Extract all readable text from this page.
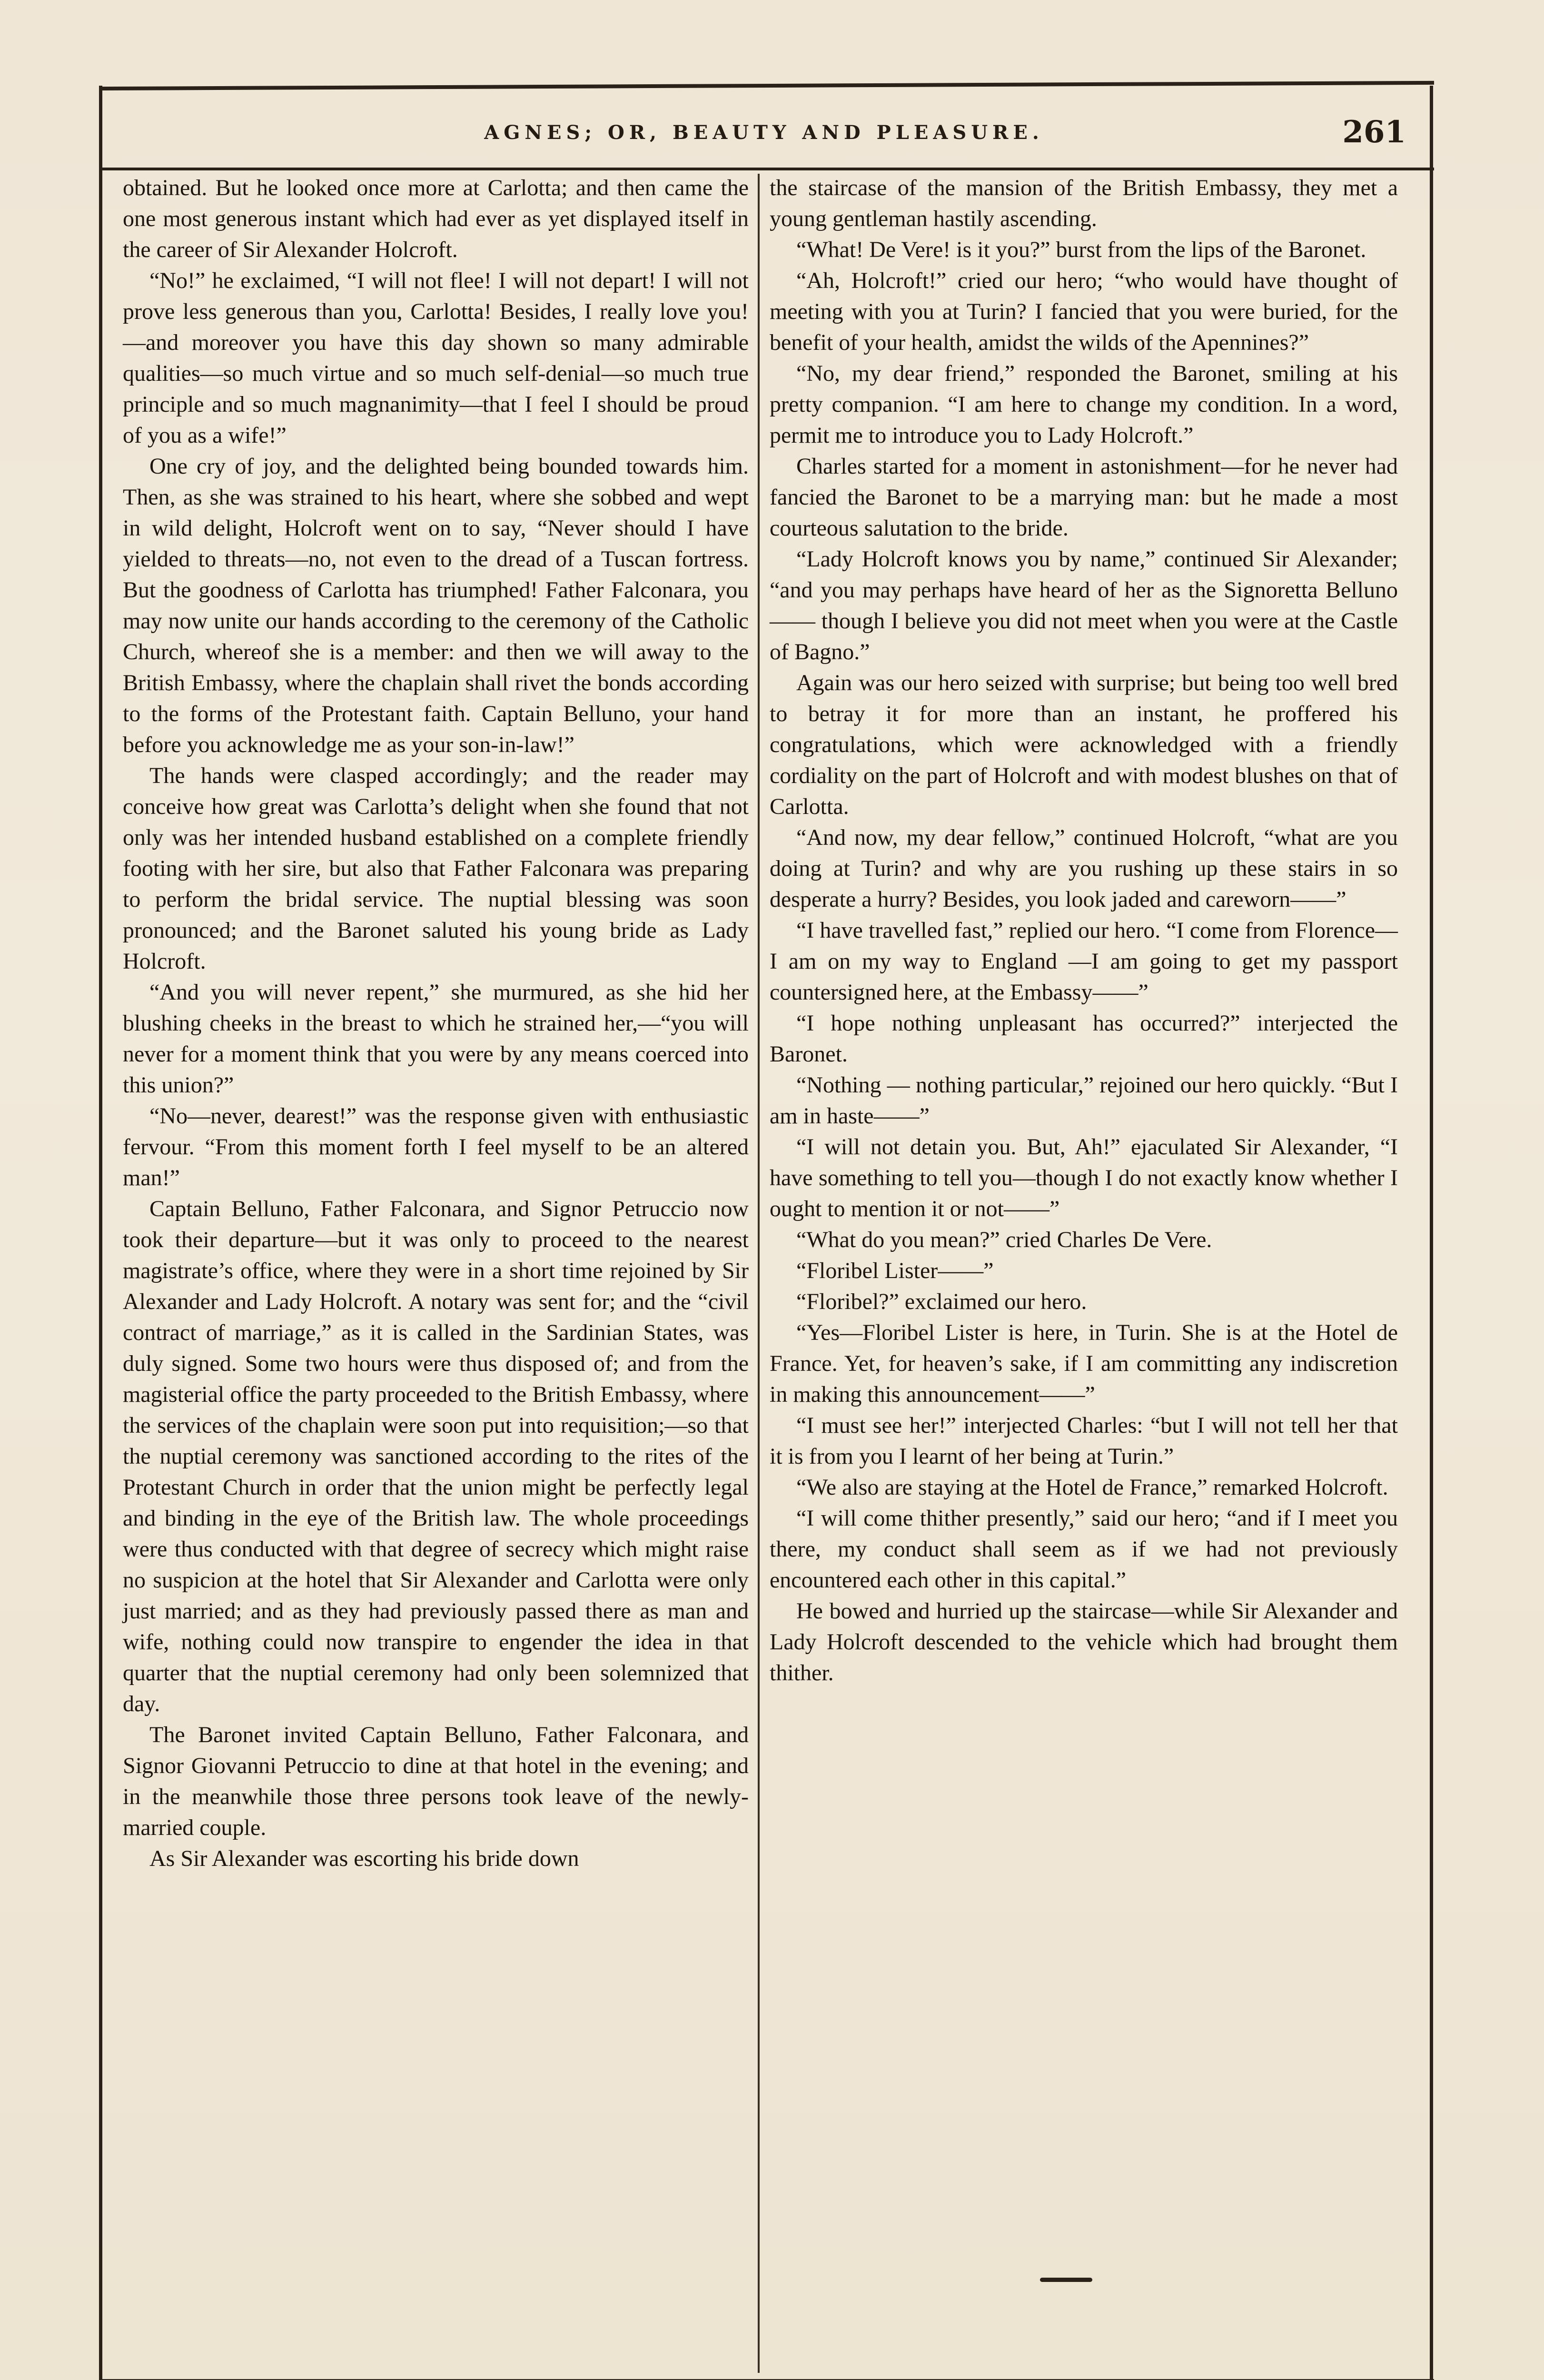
AGNES; OR, BEAUTY AND PLEASURE.	261

obtained. But he looked once more at Carlotta; and then came the one most generous instant which had ever as yet displayed itself in the career of Sir Alexander Holcroft.

“No!” he exclaimed, “I will not flee! I will not depart! I will not prove less generous than you, Carlotta! Besides, I really love you!—and moreover you have this day shown so many admirable qualities—so much virtue and so much self-denial—so much true principle and so much magnanimity—that I feel I should be proud of you as a wife!”

One cry of joy, and the delighted being bounded towards him. Then, as she was strained to his heart, where she sobbed and wept in wild delight, Holcroft went on to say, “Never should I have yielded to threats—no, not even to the dread of a Tuscan fortress. But the goodness of Carlotta has triumphed! Father Falconara, you may now unite our hands according to the ceremony of the Catholic Church, whereof she is a member: and then we will away to the British Embassy, where the chaplain shall rivet the bonds according to the forms of the Protestant faith. Captain Belluno, your hand before you acknowledge me as your son-in-law!”

The hands were clasped accordingly; and the reader may conceive how great was Carlotta’s delight when she found that not only was her intended husband established on a complete friendly footing with her sire, but also that Father Falconara was preparing to perform the bridal service. The nuptial blessing was soon pronounced; and the Baronet saluted his young bride as Lady Holcroft.

“And you will never repent,” she murmured, as she hid her blushing cheeks in the breast to which he strained her,—“you will never for a moment think that you were by any means coerced into this union?”

“No—never, dearest!” was the response given with enthusiastic fervour. “From this moment forth I feel myself to be an altered man!”

Captain Belluno, Father Falconara, and Signor Petruccio now took their departure—but it was only to proceed to the nearest magistrate’s office, where they were in a short time rejoined by Sir Alexander and Lady Holcroft. A notary was sent for; and the “civil contract of marriage,” as it is called in the Sardinian States, was duly signed. Some two hours were thus disposed of; and from the magisterial office the party proceeded to the British Embassy, where the services of the chaplain were soon put into requisition;—so that the nuptial ceremony was sanctioned according to the rites of the Protestant Church in order that the union might be perfectly legal and binding in the eye of the British law. The whole proceedings were thus conducted with that degree of secrecy which might raise no suspicion at the hotel that Sir Alexander and Carlotta were only just married; and as they had previously passed there as man and wife, nothing could now transpire to engender the idea in that quarter that the nuptial ceremony had only been solemnized that day.

The Baronet invited Captain Belluno, Father Falconara, and Signor Giovanni Petruccio to dine at that hotel in the evening; and in the meanwhile those three persons took leave of the newly-married couple.

As Sir Alexander was escorting his bride down

the staircase of the mansion of the British Embassy, they met a young gentleman hastily ascending.

“What! De Vere! is it you?” burst from the lips of the Baronet.

“Ah, Holcroft!” cried our hero; “who would have thought of meeting with you at Turin? I fancied that you were buried, for the benefit of your health, amidst the wilds of the Apennines?”

“No, my dear friend,” responded the Baronet, smiling at his pretty companion. “I am here to change my condition. In a word, permit me to introduce you to Lady Holcroft.”

Charles started for a moment in astonishment—for he never had fancied the Baronet to be a marrying man: but he made a most courteous salutation to the bride.

“Lady Holcroft knows you by name,” continued Sir Alexander; “and you may perhaps have heard of her as the Signoretta Belluno—— though I believe you did not meet when you were at the Castle of Bagno.”

Again was our hero seized with surprise; but being too well bred to betray it for more than an instant, he proffered his congratulations, which were acknowledged with a friendly cordiality on the part of Holcroft and with modest blushes on that of Carlotta.

“And now, my dear fellow,” continued Holcroft, “what are you doing at Turin? and why are you rushing up these stairs in so desperate a hurry? Besides, you look jaded and careworn——”

“I have travelled fast,” replied our hero. “I come from Florence—I am on my way to England —I am going to get my passport countersigned here, at the Embassy——”

“I hope nothing unpleasant has occurred?” interjected the Baronet.

“Nothing — nothing particular,” rejoined our hero quickly. “But I am in haste——”

“I will not detain you. But, Ah!” ejaculated Sir Alexander, “I have something to tell you—though I do not exactly know whether I ought to mention it or not——”

“What do you mean?” cried Charles De Vere.

“Floribel Lister——”

“Floribel?” exclaimed our hero.

“Yes—Floribel Lister is here, in Turin. She is at the Hotel de France. Yet, for heaven’s sake, if I am committing any indiscretion in making this announcement——”

“I must see her!” interjected Charles: “but I will not tell her that it is from you I learnt of her being at Turin.”

“We also are staying at the Hotel de France,” remarked Holcroft.

“I will come thither presently,” said our hero; “and if I meet you there, my conduct shall seem as if we had not previously encountered each other in this capital.”

He bowed and hurried up the staircase—while Sir Alexander and Lady Holcroft descended to the vehicle which had brought them thither.
